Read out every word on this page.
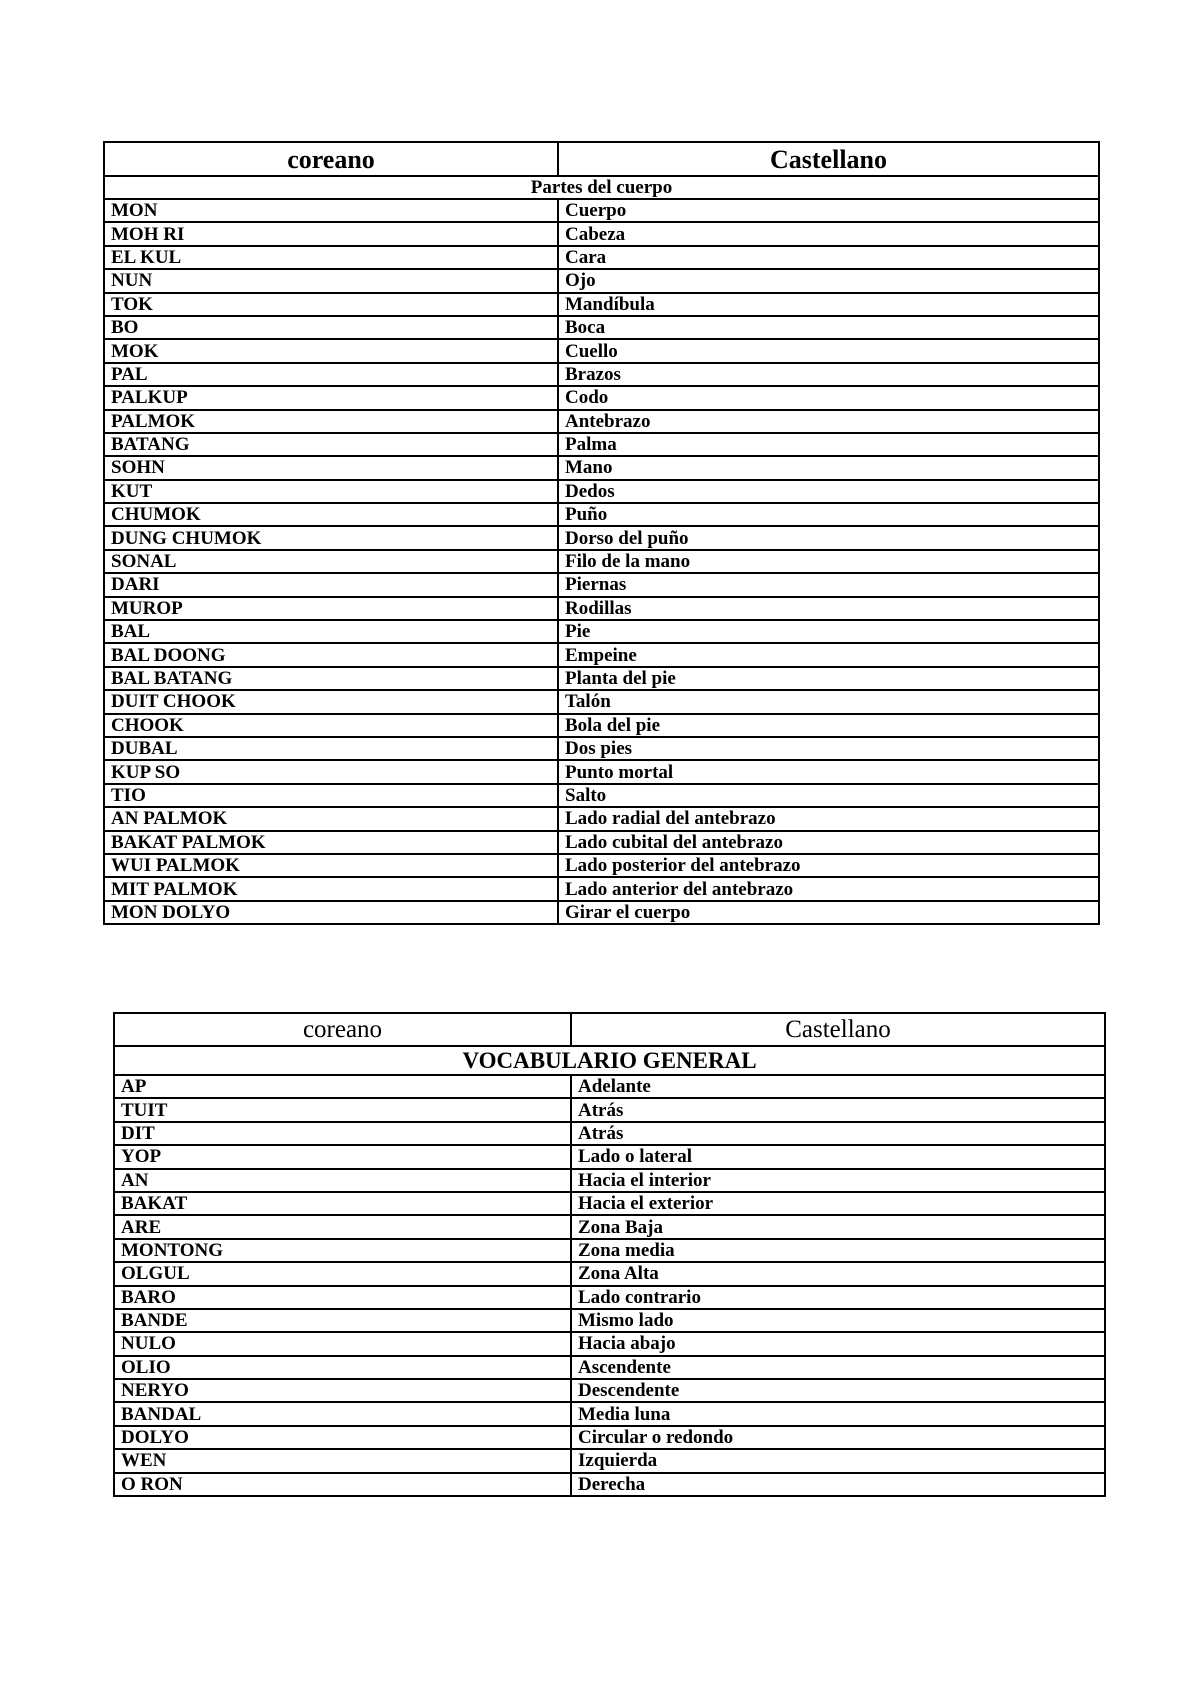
coreano	Castellano
Partes del cuerpo	
MON	Cuerpo
MOH RI	Cabeza
EL KUL	Cara
NUN	Ojo
TOK	Mandíbula
BO	Boca
MOK	Cuello
PAL	Brazos
PALKUP	Codo
PALMOK	Antebrazo
BATANG	Palma
SOHN	Mano
KUT	Dedos
CHUMOK	Puño
DUNG CHUMOK	Dorso del puño
SONAL	Filo de la mano
DARI	Piernas
MUROP	Rodillas
BAL	Pie
BAL DOONG	Empeine
BAL BATANG	Planta del pie
DUIT CHOOK	Talón
CHOOK	Bola del pie
DUBAL	Dos pies
KUP SO	Punto mortal
TIO	Salto
AN PALMOK	Lado radial del antebrazo
BAKAT PALMOK	Lado cubital del antebrazo
WUI PALMOK	Lado posterior del antebrazo
MIT PALMOK	Lado anterior del antebrazo
MON DOLYO	Girar el cuerpo
coreano	Castellano
VOCABULARIO GENERAL	
AP	Adelante
TUIT	Atrás
DIT	Atrás
YOP	Lado o lateral
AN	Hacia el interior
BAKAT	Hacia el exterior
ARE	Zona Baja
MONTONG	Zona media
OLGUL	Zona Alta
BARO	Lado contrario
BANDE	Mismo lado
NULO	Hacia abajo
OLIO	Ascendente
NERYO	Descendente
BANDAL	Media luna
DOLYO	Circular o redondo
WEN	Izquierda
O RON	Derecha
